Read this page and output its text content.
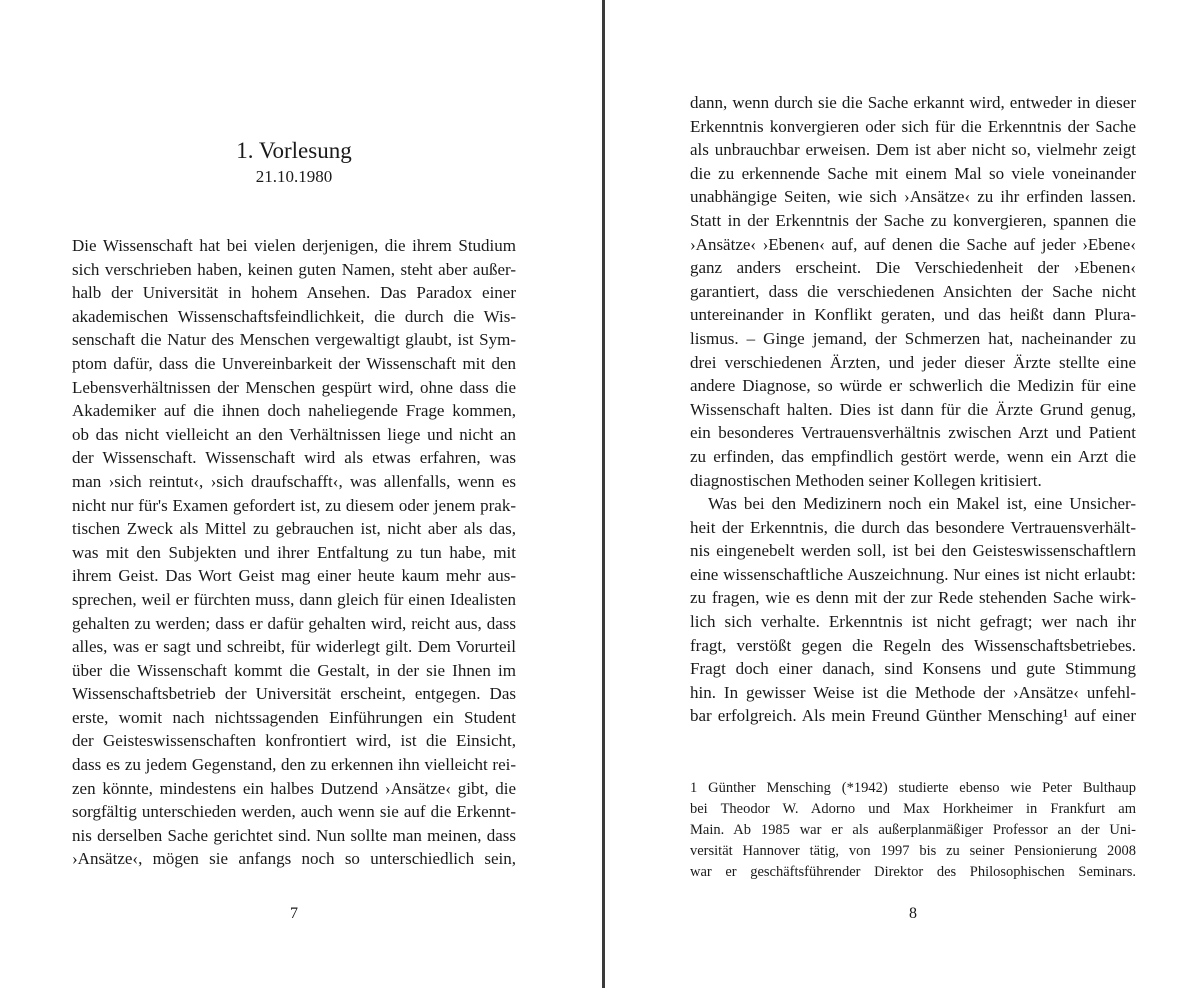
1. Vorlesung
21.10.1980
Die Wissenschaft hat bei vielen derjenigen, die ihrem Studium
sich verschrieben haben, keinen guten Namen, steht aber außer-
halb der Universität in hohem Ansehen. Das Paradox einer
akademischen Wissenschaftsfeindlichkeit, die durch die Wis-
senschaft die Natur des Menschen vergewaltigt glaubt, ist Sym-
ptom dafür, dass die Unvereinbarkeit der Wissenschaft mit den
Lebensverhältnissen der Menschen gespürt wird, ohne dass die
Akademiker auf die ihnen doch naheliegende Frage kommen,
ob das nicht vielleicht an den Verhältnissen liege und nicht an
der Wissenschaft. Wissenschaft wird als etwas erfahren, was
man ›sich reintut‹, ›sich draufschafft‹, was allenfalls, wenn es
nicht nur für's Examen gefordert ist, zu diesem oder jenem prak-
tischen Zweck als Mittel zu gebrauchen ist, nicht aber als das,
was mit den Subjekten und ihrer Entfaltung zu tun habe, mit
ihrem Geist. Das Wort Geist mag einer heute kaum mehr aus-
sprechen, weil er fürchten muss, dann gleich für einen Idealisten
gehalten zu werden; dass er dafür gehalten wird, reicht aus, dass
alles, was er sagt und schreibt, für widerlegt gilt. Dem Vorurteil
über die Wissenschaft kommt die Gestalt, in der sie Ihnen im
Wissenschaftsbetrieb der Universität erscheint, entgegen. Das
erste, womit nach nichtssagenden Einführungen ein Student
der Geisteswissenschaften konfrontiert wird, ist die Einsicht,
dass es zu jedem Gegenstand, den zu erkennen ihn vielleicht rei-
zen könnte, mindestens ein halbes Dutzend ›Ansätze‹ gibt, die
sorgfältig unterschieden werden, auch wenn sie auf die Erkennt-
nis derselben Sache gerichtet sind. Nun sollte man meinen, dass
›Ansätze‹, mögen sie anfangs noch so unterschiedlich sein,
7
dann, wenn durch sie die Sache erkannt wird, entweder in dieser
Erkenntnis konvergieren oder sich für die Erkenntnis der Sache
als unbrauchbar erweisen. Dem ist aber nicht so, vielmehr zeigt
die zu erkennende Sache mit einem Mal so viele voneinander
unabhängige Seiten, wie sich ›Ansätze‹ zu ihr erfinden lassen.
Statt in der Erkenntnis der Sache zu konvergieren, spannen die
›Ansätze‹ ›Ebenen‹ auf, auf denen die Sache auf jeder ›Ebene‹
ganz anders erscheint. Die Verschiedenheit der ›Ebenen‹
garantiert, dass die verschiedenen Ansichten der Sache nicht
untereinander in Konflikt geraten, und das heißt dann Plura-
lismus. – Ginge jemand, der Schmerzen hat, nacheinander zu
drei verschiedenen Ärzten, und jeder dieser Ärzte stellte eine
andere Diagnose, so würde er schwerlich die Medizin für eine
Wissenschaft halten. Dies ist dann für die Ärzte Grund genug,
ein besonderes Vertrauensverhältnis zwischen Arzt und Patient
zu erfinden, das empfindlich gestört werde, wenn ein Arzt die
diagnostischen Methoden seiner Kollegen kritisiert.
Was bei den Medizinern noch ein Makel ist, eine Unsicher-
heit der Erkenntnis, die durch das besondere Vertrauensverhält-
nis eingenebelt werden soll, ist bei den Geisteswissenschaftlern
eine wissenschaftliche Auszeichnung. Nur eines ist nicht erlaubt:
zu fragen, wie es denn mit der zur Rede stehenden Sache wirk-
lich sich verhalte. Erkenntnis ist nicht gefragt; wer nach ihr
fragt, verstößt gegen die Regeln des Wissenschaftsbetriebes.
Fragt doch einer danach, sind Konsens und gute Stimmung
hin. In gewisser Weise ist die Methode der ›Ansätze‹ unfehl-
bar erfolgreich. Als mein Freund Günther Mensching¹ auf einer
1 Günther Mensching (*1942) studierte ebenso wie Peter Bulthaup
bei Theodor W. Adorno und Max Horkheimer in Frankfurt am
Main. Ab 1985 war er als außerplanmäßiger Professor an der Uni-
versität Hannover tätig, von 1997 bis zu seiner Pensionierung 2008
war er geschäftsführender Direktor des Philosophischen Seminars.
8
